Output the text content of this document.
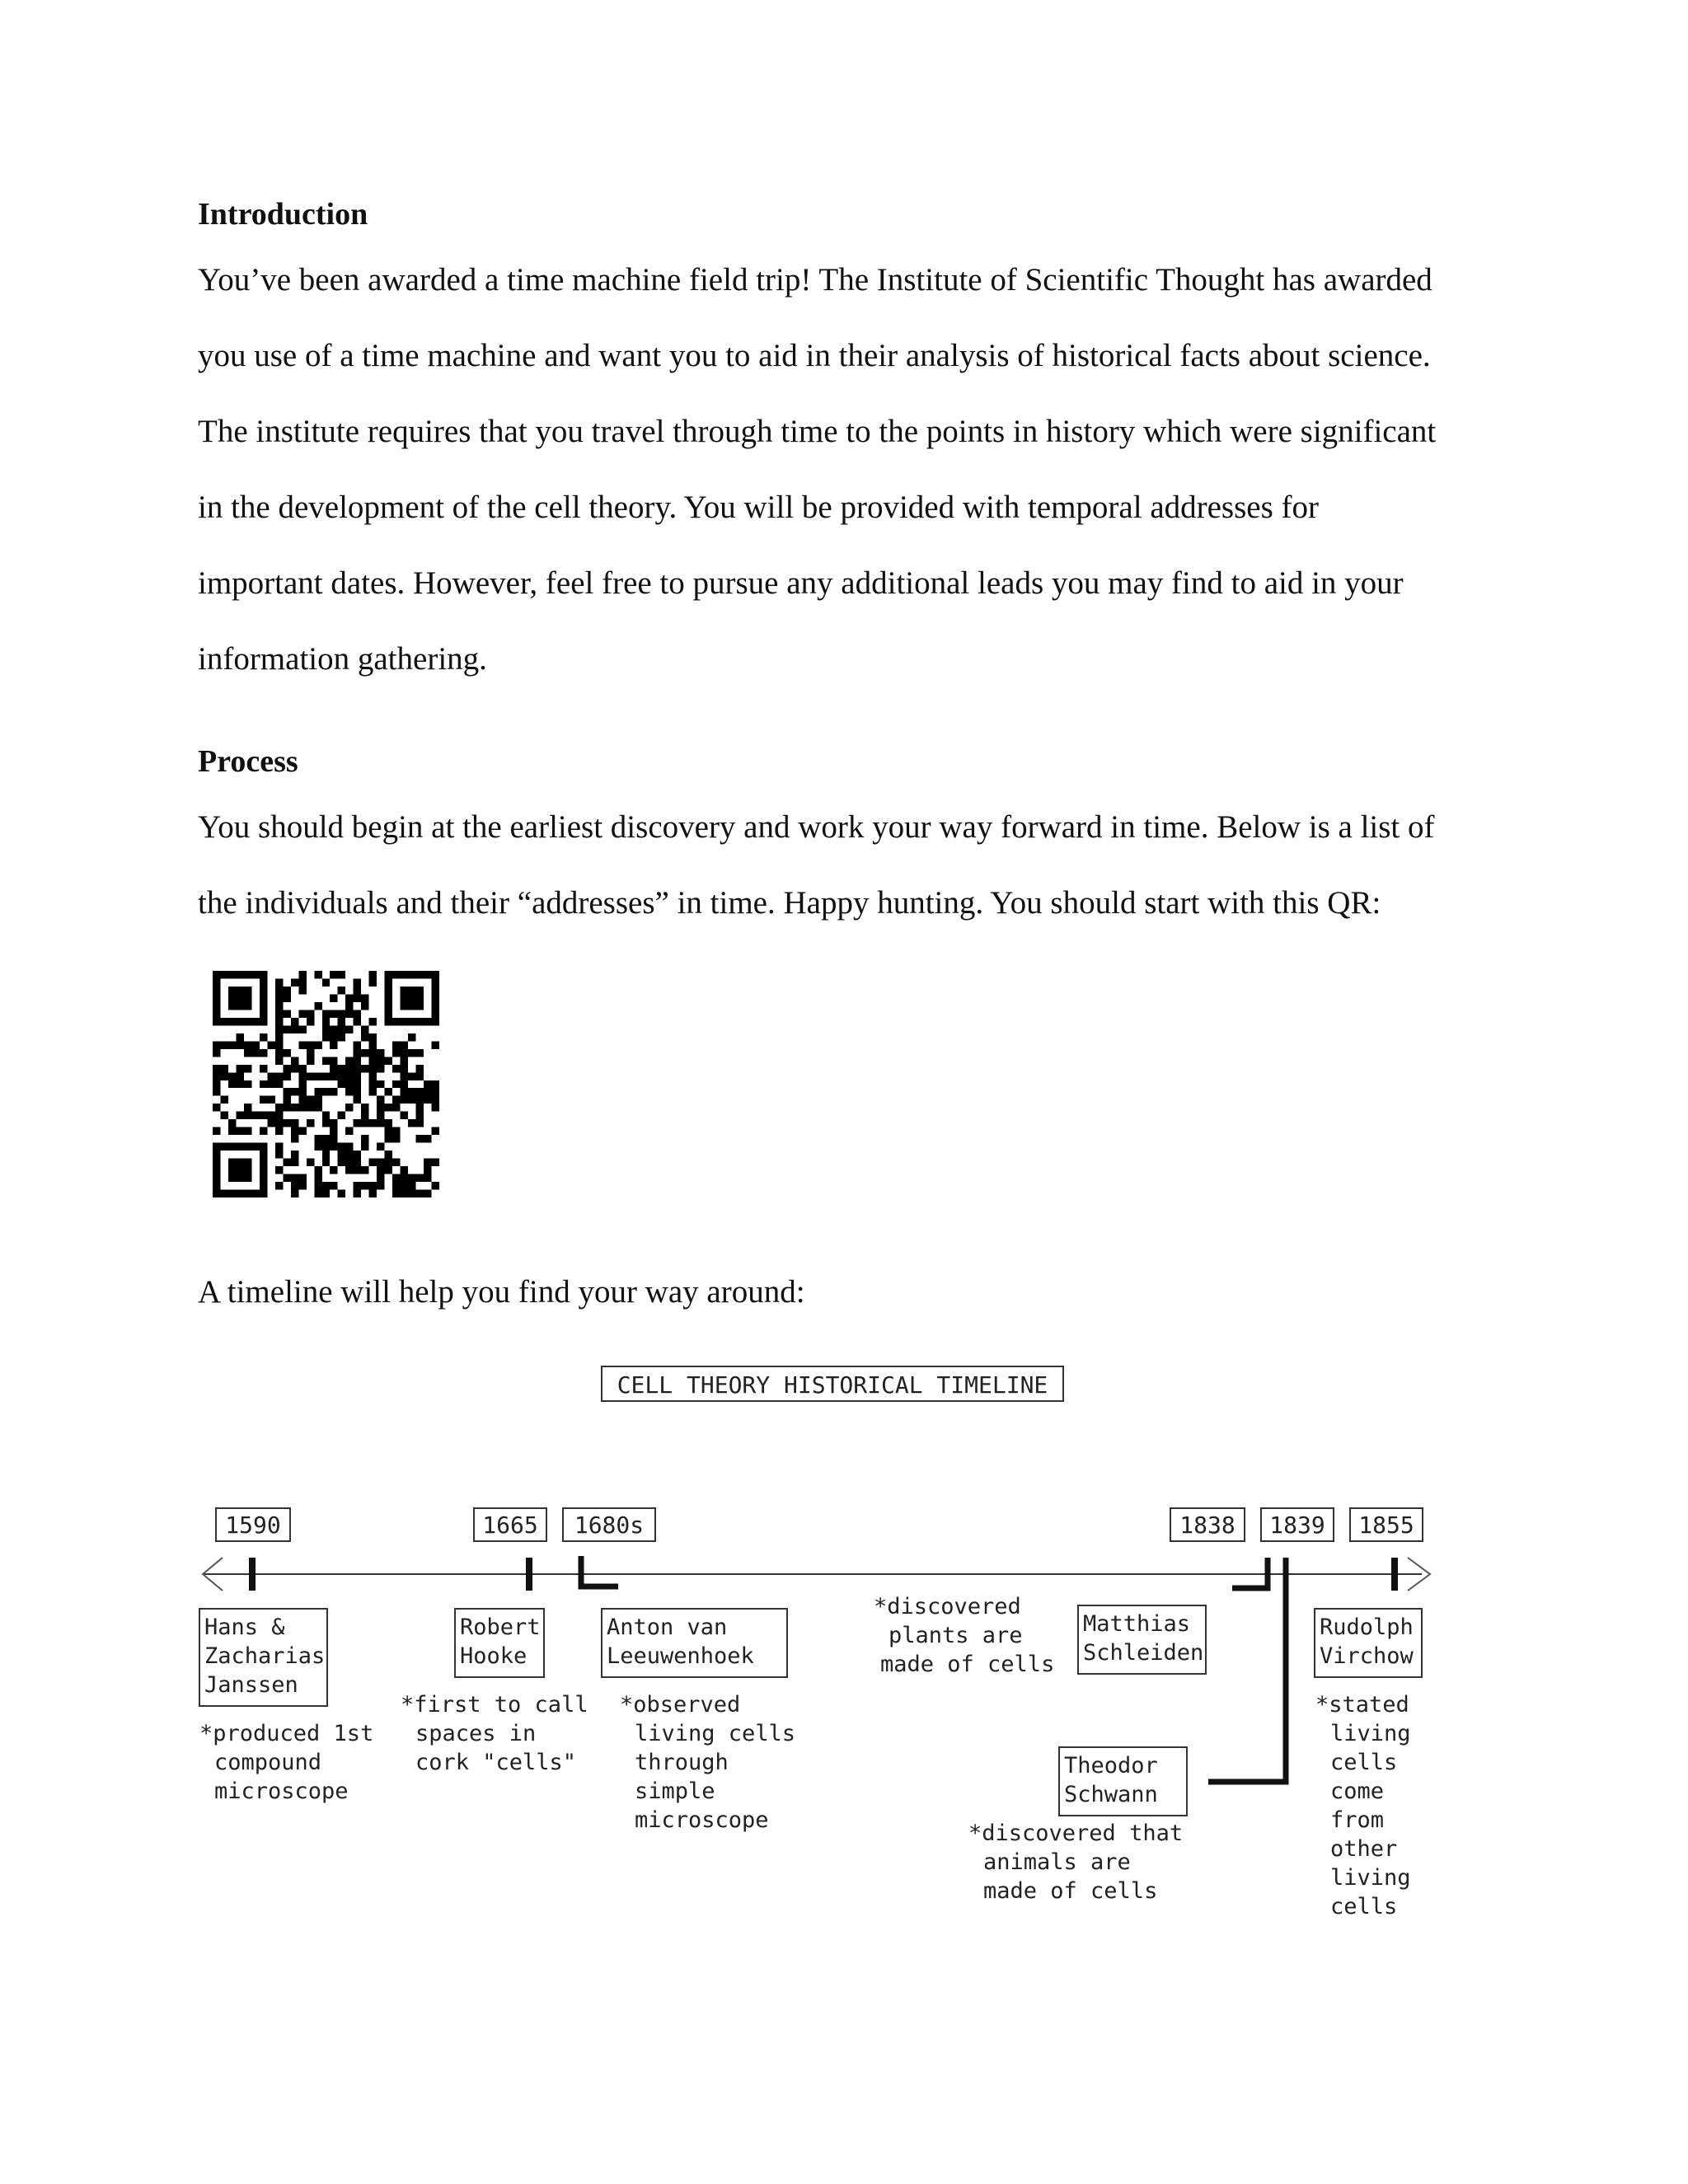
Introduction
You’ve been awarded a time machine field trip! The Institute of Scientific Thought has awarded
you use of a time machine and want you to aid in their analysis of historical facts about science.
The institute requires that you travel through time to the points in history which were significant
in the development of the cell theory. You will be provided with temporal addresses for
important dates. However, feel free to pursue any additional leads you may find to aid in your
information gathering.
Process
You should begin at the earliest discovery and work your way forward in time. Below is a list of
the individuals and their “addresses” in time. Happy hunting. You should start with this QR:
A timeline will help you find your way around:
CELL THEORY HISTORICAL TIMELINE
1590	1665 1680s	1838 1839 1855
Hans &
Zacharias
Janssen
*produced 1st
compound
microscope
Robert
Hooke
*first to call
spaces in
cork "cells"
Anton van
Leeuwenhoek
*observed
living cells
through
simple
microscope
Matthias
Schleiden
*discovered
plants are
made of cells
Theodor
Schwann
*discovered that
animals are
made of cells
Rudolph
Virchow
*stated
living
cells
come
from
other
living
cells
